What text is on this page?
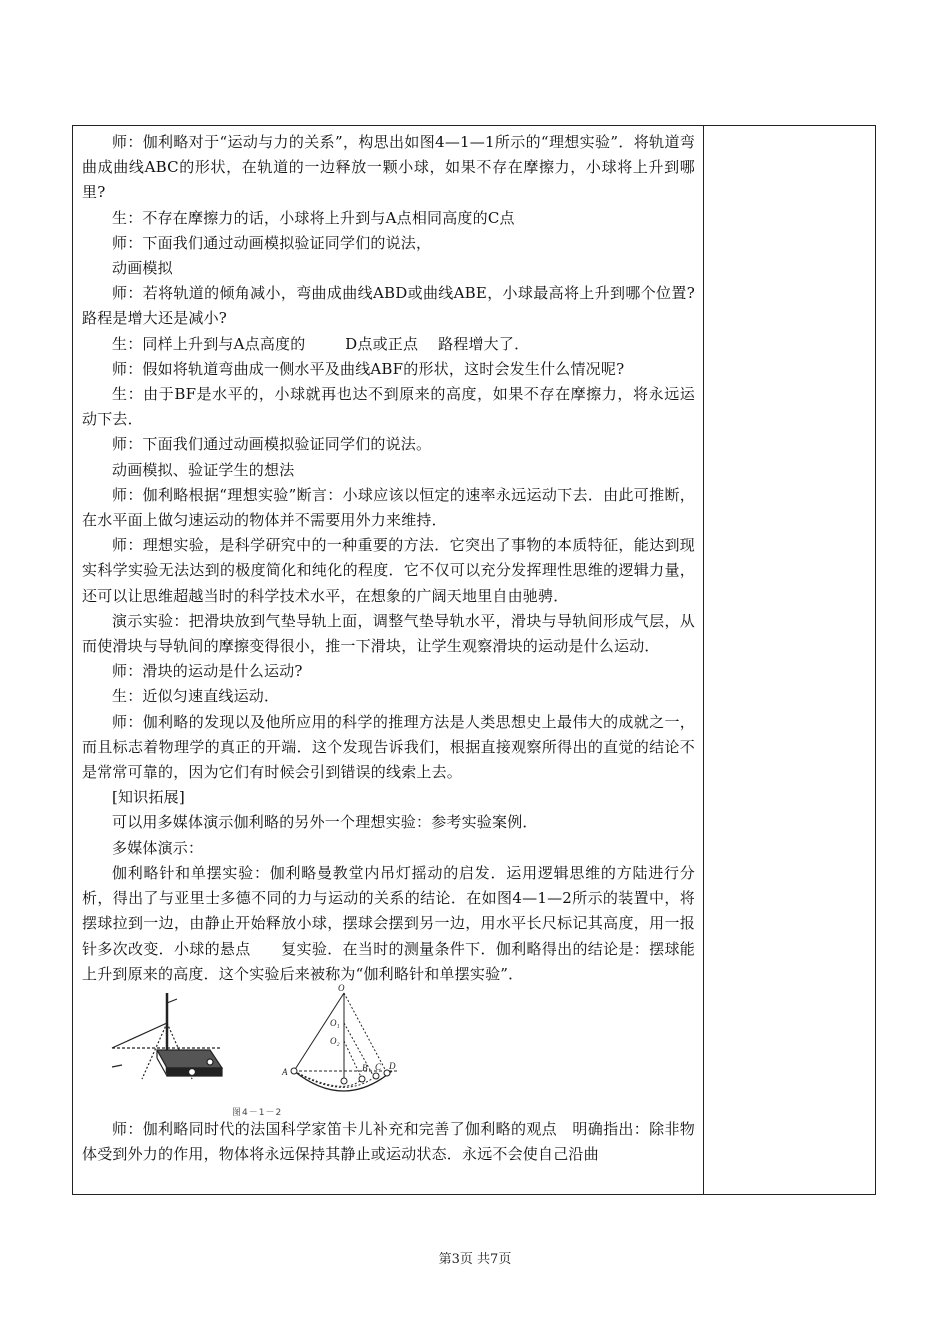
师：伽利略对于“运动与力的关系”，构思出如图4—1—1所示的“理想实验”．将轨道弯曲成曲线ABC的形状，在轨道的一边释放一颗小球，如果不存在摩擦力，小球将上升到哪里?

生：不存在摩擦力的话，小球将上升到与A点相同高度的C点

师：下面我们通过动画模拟验证同学们的说法，

动画模拟

师：若将轨道的倾角减小，弯曲成曲线ABD或曲线ABE，小球最高将上升到哪个位置?路程是增大还是减小?

生：同样上升到与A点高度的        D点或正点    路程增大了．

师：假如将轨道弯曲成一侧水平及曲线ABF的形状，这时会发生什么情况呢?

生：由于BF是水平的，小球就再也达不到原来的高度，如果不存在摩擦力，将永远运动下去．

师：下面我们通过动画模拟验证同学们的说法。

动画模拟、验证学生的想法

师：伽利略根据“理想实验”断言：小球应该以恒定的速率永远运动下去．由此可推断，在水平面上做匀速运动的物体并不需要用外力来维持．

师：理想实验，是科学研究中的一种重要的方法．它突出了事物的本质特征，能达到现实科学实验无法达到的极度简化和纯化的程度．它不仅可以充分发挥理性思维的逻辑力量，还可以让思维超越当时的科学技术水平，在想象的广阔天地里自由驰骋．

演示实验：把滑块放到气垫导轨上面，调整气垫导轨水平，滑块与导轨间形成气层，从而使滑块与导轨间的摩擦变得很小，推一下滑块，让学生观察滑块的运动是什么运动．

师：滑块的运动是什么运动?

生：近似匀速直线运动．

师：伽利略的发现以及他所应用的科学的推理方法是人类思想史上最伟大的成就之一，而且标志着物理学的真正的开端．这个发现告诉我们，根据直接观察所得出的直觉的结论不是常常可靠的，因为它们有时候会引到错误的线索上去。

[知识拓展]

可以用多媒体演示伽利略的另外一个理想实验：参考实验案例．

多媒体演示：

伽利略针和单摆实验：伽利略曼教堂内吊灯摇动的启发．运用逻辑思维的方陆进行分析，得出了与亚里士多德不同的力与运动的关系的结论．在如图4—1—2所示的装置中，将摆球拉到一边，由静止开始释放小球，摆球会摆到另一边，用水平长尺标记其高度，用一报针多次改变．小球的悬点      复实验．在当时的测量条件下．伽利略得出的结论是：摆球能上升到原来的高度．这个实验后来被称为“伽利略针和单摆实验”．

O
O₁
O₂
A	B C D
图4－1－2

师：伽利略同时代的法国科学家笛卡儿补充和完善了伽利略的观点   明确指出：除非物体受到外力的作用，物体将永远保持其静止或运动状态．永远不会使自己沿曲

第3页 共7页
